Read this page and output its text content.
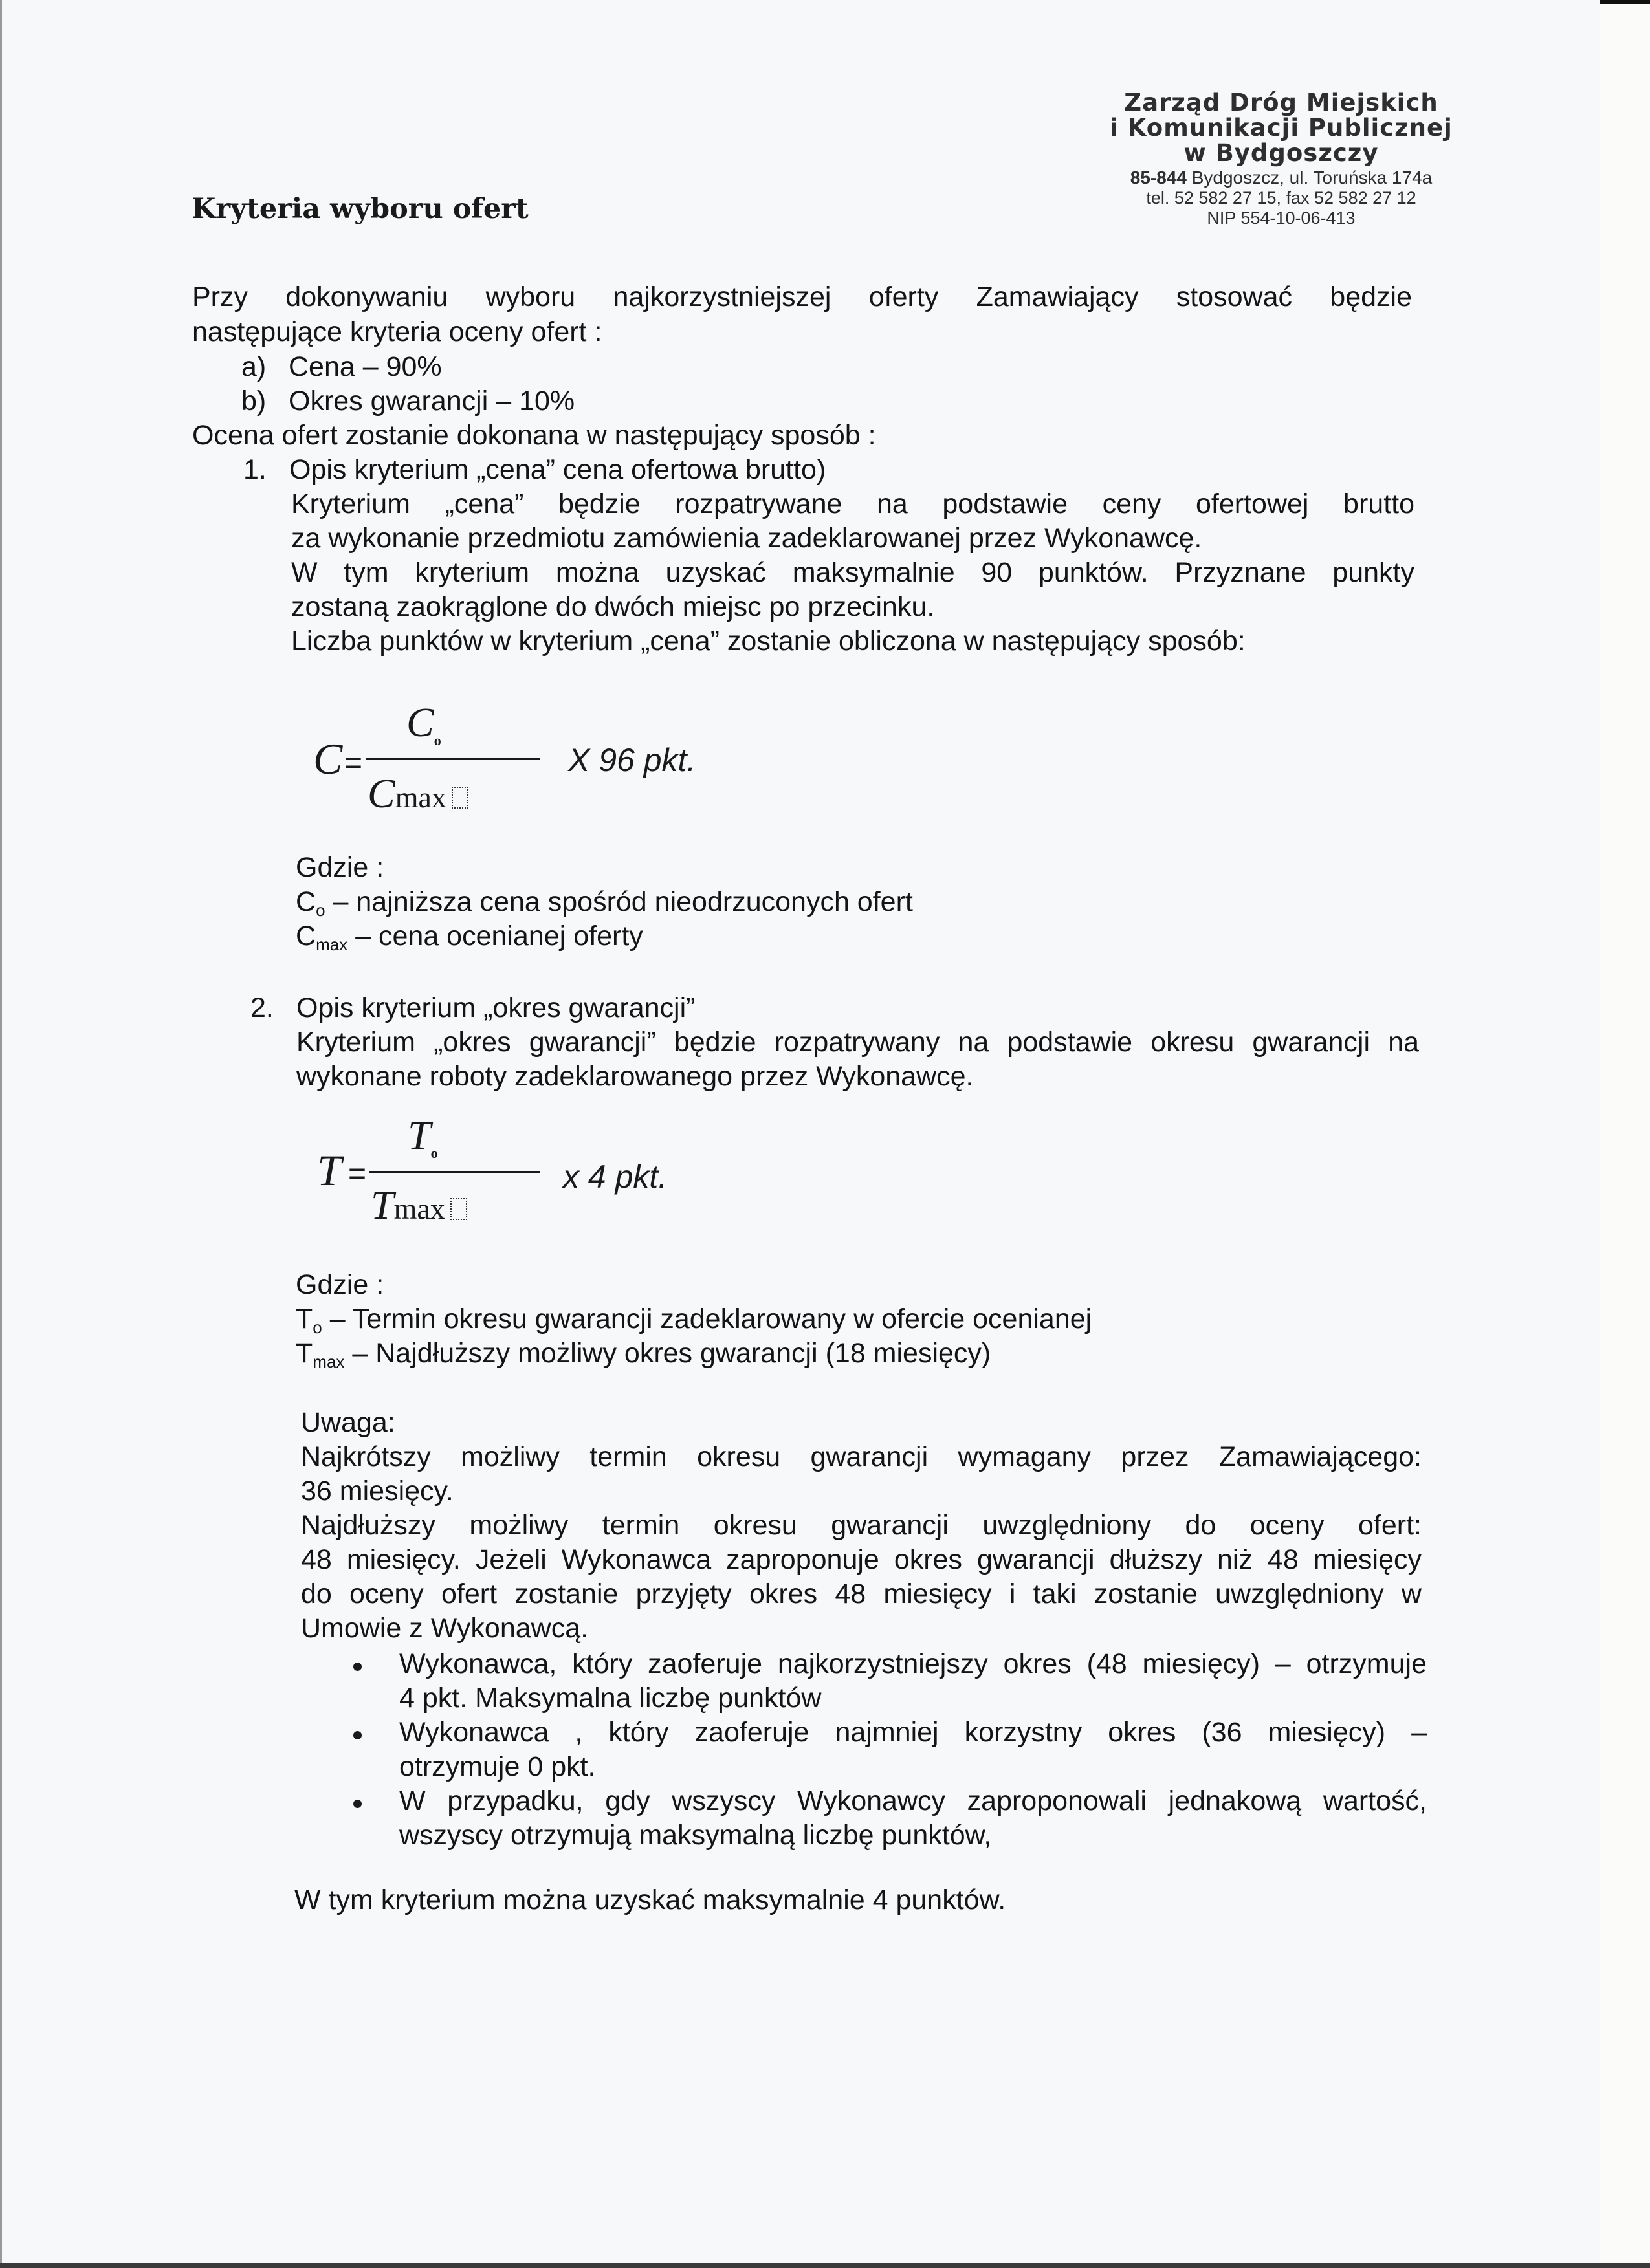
Zarząd Dróg Miejskich
i Komunikacji Publicznej
w Bydgoszczy
85-844 Bydgoszcz, ul. Toruńska 174a
tel. 52 582 27 15, fax 52 582 27 12
NIP 554-10-06-413
Kryteria wyboru ofert
Przy dokonywaniu wyboru najkorzystniejszej oferty Zamawiający stosować będzie
następujące kryteria oceny ofert :
a) Cena – 90%
b) Okres gwarancji – 10%
Ocena ofert zostanie dokonana w następujący sposób :
1. Opis kryterium „cena” cena ofertowa brutto)
Kryterium „cena” będzie rozpatrywane na podstawie ceny ofertowej brutto
za wykonanie przedmiotu zamówienia zadeklarowanej przez Wykonawcę.
W tym kryterium można uzyskać maksymalnie 90 punktów. Przyznane punkty
zostaną zaokrąglone do dwóch miejsc po przecinku.
Liczba punktów w kryterium „cena” zostanie obliczona w następujący sposób:
C =
$C_o$
Cmax
X 96 pkt.
Gdzie :
$C_o$ – najniższa cena spośród nieodrzuconych ofert
$C_{max}$ – cena ocenianej oferty
2. Opis kryterium „okres gwarancji”
Kryterium „okres gwarancji” będzie rozpatrywany na podstawie okresu gwarancji na
wykonane roboty zadeklarowanego przez Wykonawcę.
T =
$T_o$
Tmax
x 4 pkt.
Gdzie :
$T_o$ – Termin okresu gwarancji zadeklarowany w ofercie ocenianej
$T_{max}$ – Najdłuższy możliwy okres gwarancji (18 miesięcy)
Uwaga:
Najkrótszy możliwy termin okresu gwarancji wymagany przez Zamawiającego:
36 miesięcy.
Najdłuższy możliwy termin okresu gwarancji uwzględniony do oceny ofert:
48 miesięcy. Jeżeli Wykonawca zaproponuje okres gwarancji dłuższy niż 48 miesięcy
do oceny ofert zostanie przyjęty okres 48 miesięcy i taki zostanie uwzględniony w
Umowie z Wykonawcą.
Wykonawca, który zaoferuje najkorzystniejszy okres (48 miesięcy) – otrzymuje
4 pkt. Maksymalna liczbę punktów
Wykonawca , który zaoferuje najmniej korzystny okres (36 miesięcy) –
otrzymuje 0 pkt.
W przypadku, gdy wszyscy Wykonawcy zaproponowali jednakową wartość,
wszyscy otrzymują maksymalną liczbę punktów,
W tym kryterium można uzyskać maksymalnie 4 punktów.
